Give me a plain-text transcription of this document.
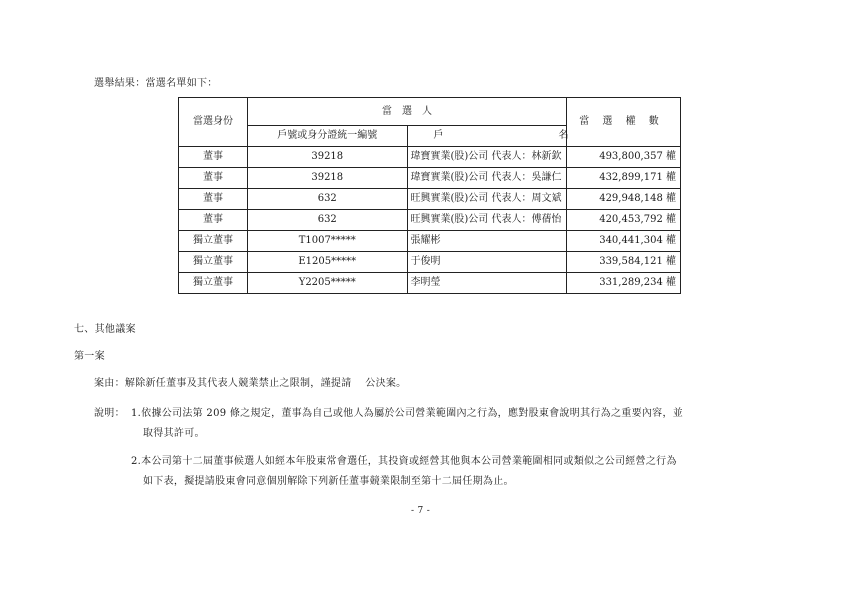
選舉結果：當選名單如下：
當選身份	當　選　人		當 選 權 數
	戶號或身分證統一編號	戶 名	
董事	39218	瑋寶實業(股)公司 代表人：林新欽	493,800,357 權
董事	39218	瑋寶實業(股)公司 代表人：吳謙仁	432,899,171 權
董事	632	旺興實業(股)公司 代表人：周文斌	429,948,148 權
董事	632	旺興實業(股)公司 代表人：傅蒨怡	420,453,792 權
獨立董事	T1007*****	張耀彬	340,441,304 權
獨立董事	E1205*****	于俊明	339,584,121 權
獨立董事	Y2205*****	李明瑩	331,289,234 權
七、其他議案
第一案
案由：解除新任董事及其代表人競業禁止之限制，謹提請　 公決案。
說明： 1.依據公司法第 209 條之規定，董事為自己或他人為屬於公司營業範圍內之行為，應對股東會說明其行為之重要內容，並
取得其許可。
2.本公司第十二屆董事候選人如經本年股東常會選任，其投資或經營其他與本公司營業範圍相同或類似之公司經營之行為
如下表，擬提請股東會同意個別解除下列新任董事競業限制至第十二屆任期為止。
- 7 -
